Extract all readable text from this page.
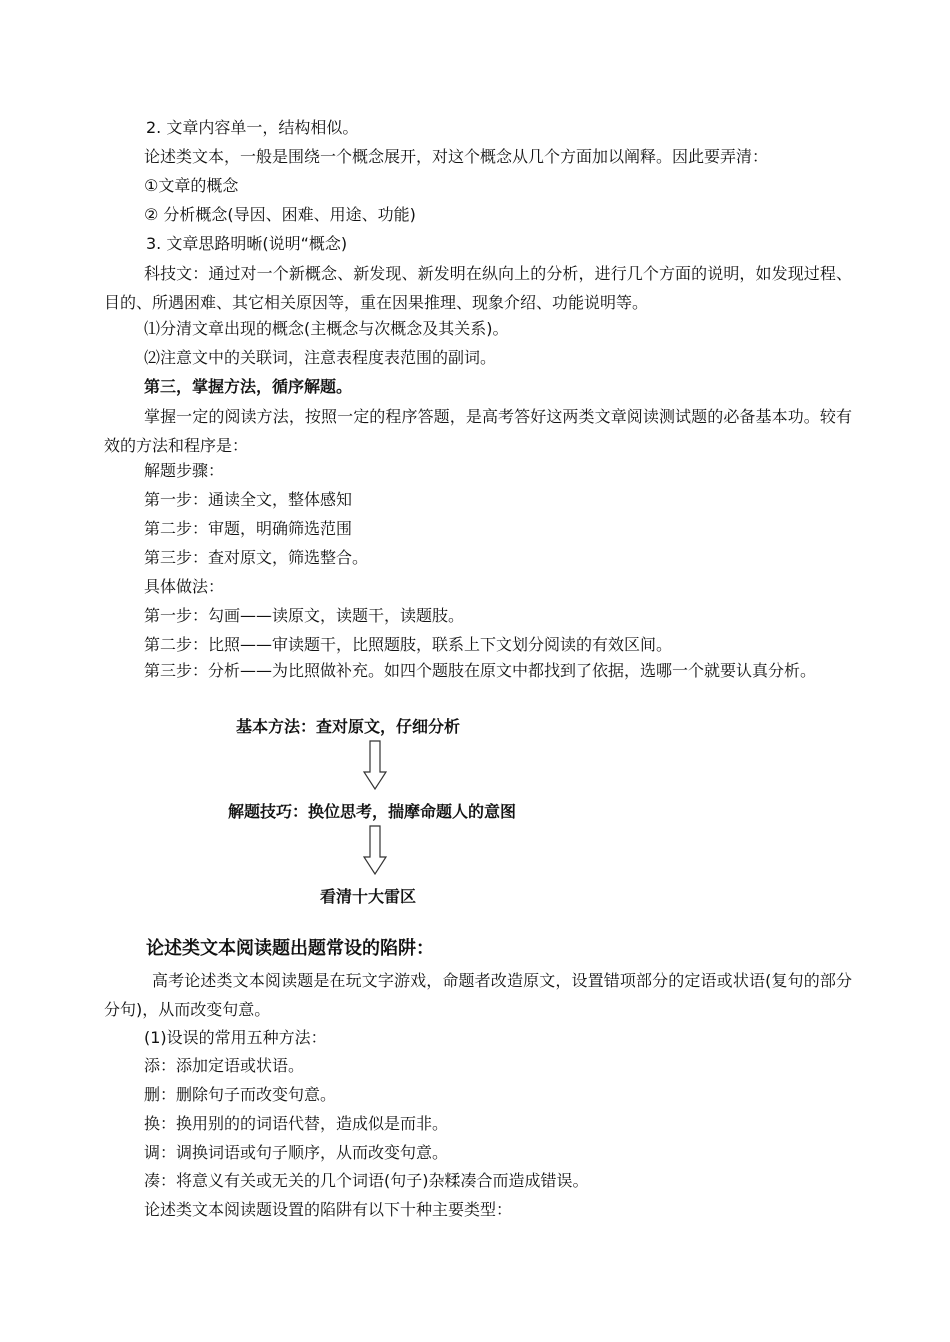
2. 文章内容单一，结构相似。
论述类文本，一般是围绕一个概念展开，对这个概念从几个方面加以阐释。因此要弄清：
①文章的概念
② 分析概念(导因、困难、用途、功能)
3. 文章思路明晰(说明“概念)
科技文：通过对一个新概念、新发现、新发明在纵向上的分析，进行几个方面的说明，如发现过程、目的、所遇困难、其它相关原因等，重在因果推理、现象介绍、功能说明等。
⑴分清文章出现的概念(主概念与次概念及其关系)。
⑵注意文中的关联词，注意表程度表范围的副词。
第三，掌握方法，循序解题。
掌握一定的阅读方法，按照一定的程序答题，是高考答好这两类文章阅读测试题的必备基本功。较有效的方法和程序是：
解题步骤：
第一步：通读全文，整体感知
第二步：审题，明确筛选范围
第三步：查对原文，筛选整合。
具体做法：
第一步：勾画——读原文，读题干，读题肢。
第二步：比照——审读题干，比照题肢，联系上下文划分阅读的有效区间。
第三步：分析——为比照做补充。如四个题肢在原文中都找到了依据，选哪一个就要认真分析。
基本方法：查对原文，仔细分析
解题技巧：换位思考，揣摩命题人的意图
看清十大雷区
论述类文本阅读题出题常设的陷阱：
高考论述类文本阅读题是在玩文字游戏，命题者改造原文，设置错项部分的定语或状语(复句的部分分句)，从而改变句意。
(1)设误的常用五种方法：
添：添加定语或状语。
删：删除句子而改变句意。
换：换用别的的词语代替，造成似是而非。
调：调换词语或句子顺序，从而改变句意。
凑：将意义有关或无关的几个词语(句子)杂糅凑合而造成错误。
论述类文本阅读题设置的陷阱有以下十种主要类型：
